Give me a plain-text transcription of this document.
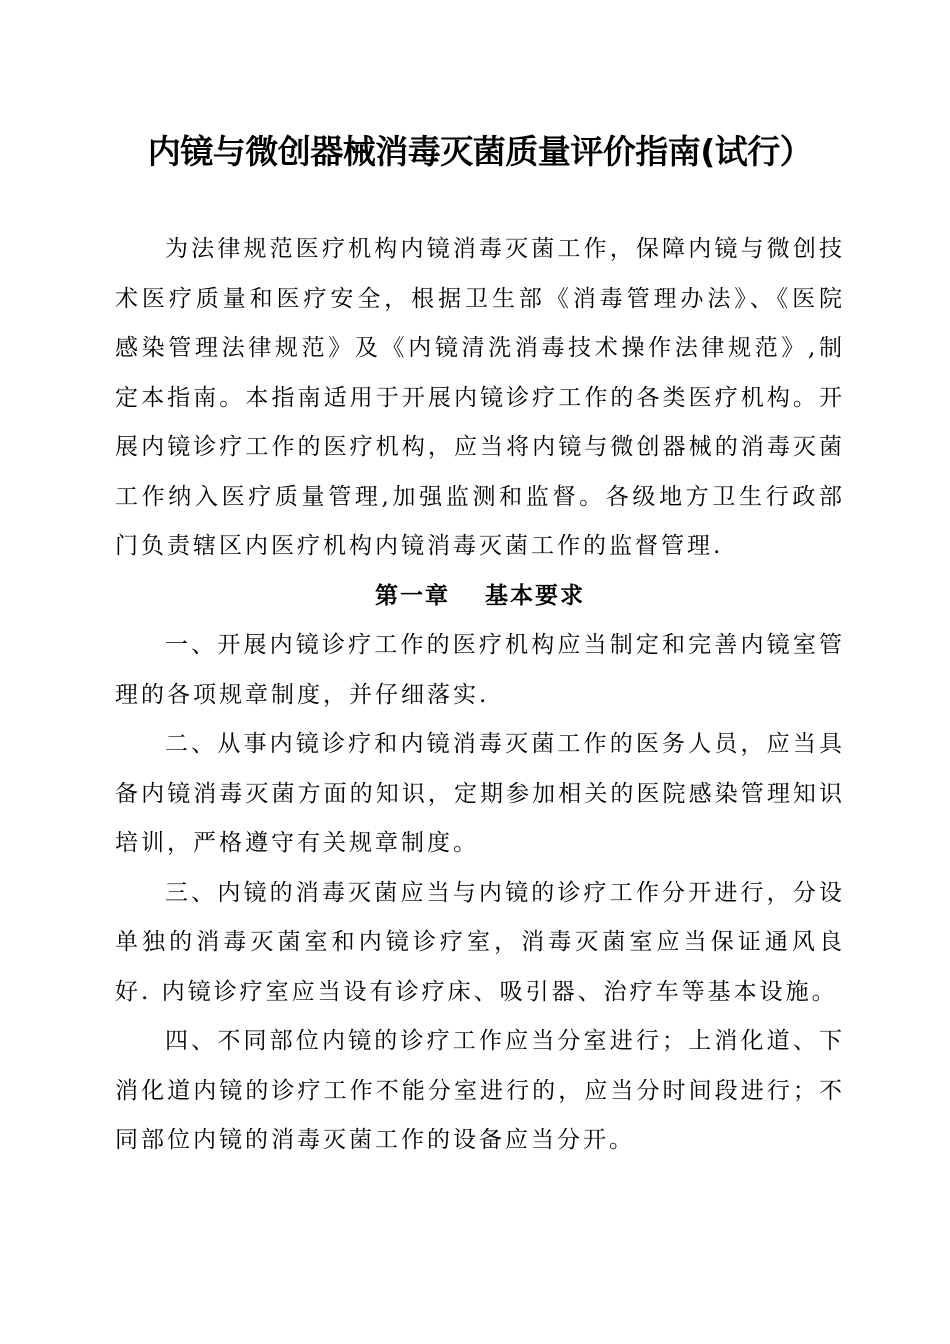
内镜与微创器械消毒灭菌质量评价指南(试行）

为法律规范医疗机构内镜消毒灭菌工作，保障内镜与微创技术医疗质量和医疗安全，根据卫生部《消毒管理办法》、《医院感染管理法律规范》及《内镜清洗消毒技术操作法律规范》,制定本指南。本指南适用于开展内镜诊疗工作的各类医疗机构。开展内镜诊疗工作的医疗机构，应当将内镜与微创器械的消毒灭菌工作纳入医疗质量管理,加强监测和监督。各级地方卫生行政部门负责辖区内医疗机构内镜消毒灭菌工作的监督管理.

第一章　 基本要求

一、开展内镜诊疗工作的医疗机构应当制定和完善内镜室管理的各项规章制度，并仔细落实.

二、从事内镜诊疗和内镜消毒灭菌工作的医务人员，应当具备内镜消毒灭菌方面的知识，定期参加相关的医院感染管理知识培训，严格遵守有关规章制度。

三、内镜的消毒灭菌应当与内镜的诊疗工作分开进行，分设单独的消毒灭菌室和内镜诊疗室，消毒灭菌室应当保证通风良好. 内镜诊疗室应当设有诊疗床、吸引器、治疗车等基本设施。

四、不同部位内镜的诊疗工作应当分室进行；上消化道、下消化道内镜的诊疗工作不能分室进行的，应当分时间段进行；不同部位内镜的消毒灭菌工作的设备应当分开。
